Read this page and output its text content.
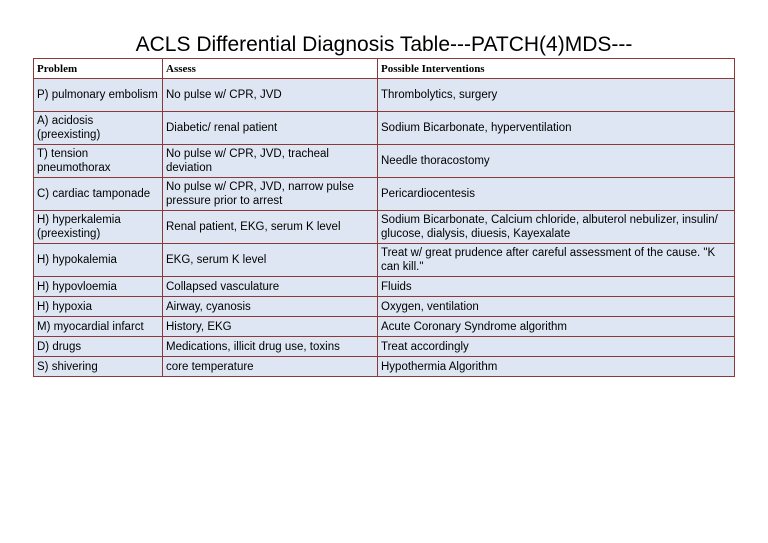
ACLS Differential Diagnosis Table---PATCH(4)MDS---
Problem	Assess	Possible Interventions
P) pulmonary embolism	No pulse w/ CPR, JVD	Thrombolytics, surgery
A) acidosis (preexisting)	Diabetic/ renal patient	Sodium Bicarbonate, hyperventilation
T) tension pneumothorax	No pulse w/ CPR, JVD, tracheal deviation	Needle thoracostomy
C) cardiac tamponade	No pulse w/ CPR, JVD, narrow pulse pressure prior to arrest	Pericardiocentesis
H) hyperkalemia (preexisting)	Renal patient, EKG, serum K level	Sodium Bicarbonate, Calcium chloride, albuterol nebulizer, insulin/ glucose, dialysis, diuesis, Kayexalate
H) hypokalemia	EKG, serum K level	Treat w/ great prudence after careful assessment of the cause. "K can kill."
H) hypovloemia	Collapsed vasculature	Fluids
H) hypoxia	Airway, cyanosis	Oxygen, ventilation
M) myocardial infarct	History, EKG	Acute Coronary Syndrome algorithm
D) drugs	Medications, illicit drug use, toxins	Treat accordingly
S) shivering	core temperature	Hypothermia Algorithm
